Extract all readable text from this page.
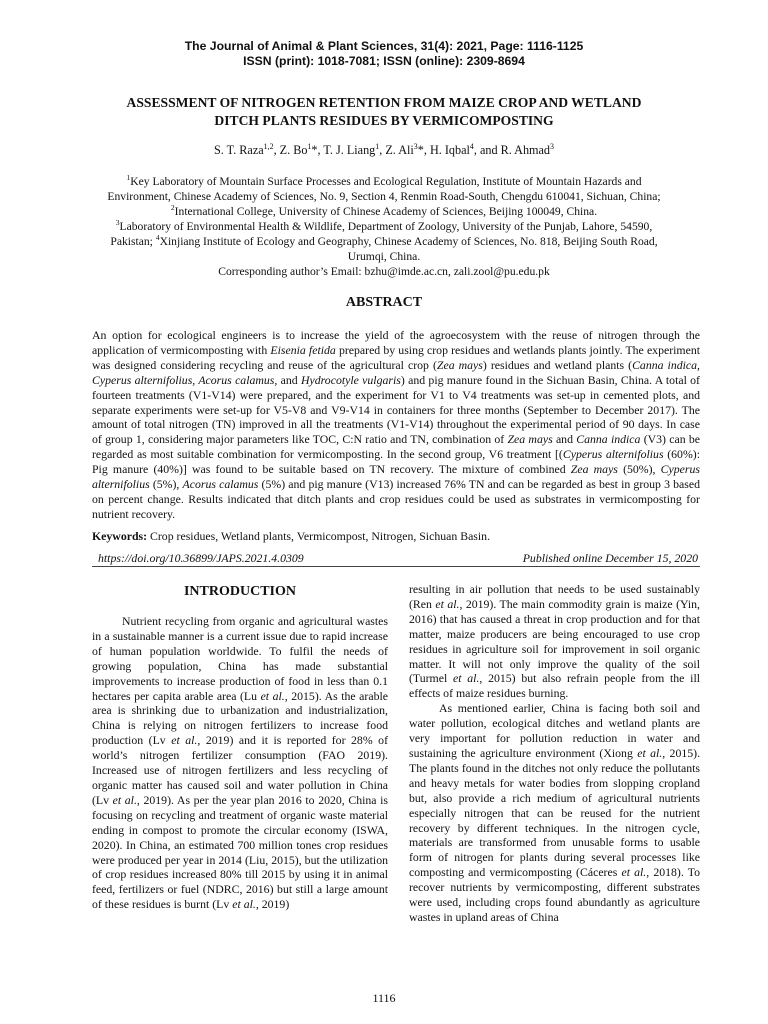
The Journal of Animal & Plant Sciences, 31(4): 2021, Page: 1116-1125
ISSN (print): 1018-7081; ISSN (online): 2309-8694
ASSESSMENT OF NITROGEN RETENTION FROM MAIZE CROP AND WETLAND
DITCH PLANTS RESIDUES BY VERMICOMPOSTING
S. T. Raza$^{1,2}$, Z. Bo$^1$*, T. J. Liang$^1$, Z. Ali$^3$*, H. Iqbal$^4$, and R. Ahmad$^3$
$^1$Key Laboratory of Mountain Surface Processes and Ecological Regulation, Institute of Mountain Hazards and
Environment, Chinese Academy of Sciences, No. 9, Section 4, Renmin Road-South, Chengdu 610041, Sichuan, China;
$^2$International College, University of Chinese Academy of Sciences, Beijing 100049, China.
$^3$Laboratory of Environmental Health & Wildlife, Department of Zoology, University of the Punjab, Lahore, 54590,
Pakistan; $^4$Xinjiang Institute of Ecology and Geography, Chinese Academy of Sciences, No. 818, Beijing South Road,
Urumqi, China.
Corresponding author’s Email: bzhu@imde.ac.cn, zali.zool@pu.edu.pk
ABSTRACT
An option for ecological engineers is to increase the yield of the agroecosystem with the reuse of nitrogen through the application of vermicomposting with Eisenia fetida prepared by using crop residues and wetlands plants jointly. The experiment was designed considering recycling and reuse of the agricultural crop (Zea mays) residues and wetland plants (Canna indica, Cyperus alternifolius, Acorus calamus, and Hydrocotyle vulgaris) and pig manure found in the Sichuan Basin, China. A total of fourteen treatments (V1-V14) were prepared, and the experiment for V1 to V4 treatments was set-up in cemented plots, and separate experiments were set-up for V5-V8 and V9-V14 in containers for three months (September to December 2017). The amount of total nitrogen (TN) improved in all the treatments (V1-V14) throughout the experimental period of 90 days. In case of group 1, considering major parameters like TOC, C:N ratio and TN, combination of Zea mays and Canna indica (V3) can be regarded as most suitable combination for vermicomposting. In the second group, V6 treatment [(Cyperus alternifolius (60%): Pig manure (40%)] was found to be suitable based on TN recovery. The mixture of combined Zea mays (50%), Cyperus alternifolius (5%), Acorus calamus (5%) and pig manure (V13) increased 76% TN and can be regarded as best in group 3 based on percent change. Results indicated that ditch plants and crop residues could be used as substrates in vermicomposting for nutrient recovery.
Keywords: Crop residues, Wetland plants, Vermicompost, Nitrogen, Sichuan Basin.
https://doi.org/10.36899/JAPS.2021.4.0309	Published online December 15, 2020
INTRODUCTION

Nutrient recycling from organic and agricultural wastes in a sustainable manner is a current issue due to rapid increase of human population worldwide. To fulfil the needs of growing population, China has made substantial improvements to increase production of food in less than 0.1 hectares per capita arable area (Lu et al., 2015). As the arable area is shrinking due to urbanization and industrialization, China is relying on nitrogen fertilizers to increase food production (Lv et al., 2019) and it is reported for 28% of world’s nitrogen fertilizer consumption (FAO 2019). Increased use of nitrogen fertilizers and less recycling of organic matter has caused soil and water pollution in China (Lv et al., 2019). As per the year plan 2016 to 2020, China is focusing on recycling and treatment of organic waste material ending in compost to promote the circular economy (ISWA, 2020). In China, an estimated 700 million tones crop residues were produced per year in 2014 (Liu, 2015), but the utilization of crop residues increased 80% till 2015 by using it in animal feed, fertilizers or fuel (NDRC, 2016) but still a large amount of these residues is burnt (Lv et al., 2019)

resulting in air pollution that needs to be used sustainably (Ren et al., 2019). The main commodity grain is maize (Yin, 2016) that has caused a threat in crop production and for that matter, maize producers are being encouraged to use crop residues in agriculture soil for improvement in soil organic matter. It will not only improve the quality of the soil (Turmel et al., 2015) but also refrain people from the ill effects of maize residues burning.

As mentioned earlier, China is facing both soil and water pollution, ecological ditches and wetland plants are very important for pollution reduction in water and sustaining the agriculture environment (Xiong et al., 2015). The plants found in the ditches not only reduce the pollutants and heavy metals for water bodies from slopping cropland but, also provide a rich medium of agricultural nutrients especially nitrogen that can be reused for the nutrient recovery by different techniques. In the nitrogen cycle, materials are transformed from unusable forms to usable form of nitrogen for plants during several processes like composting and vermicomposting (Cáceres et al., 2018). To recover nutrients by vermicomposting, different substrates were used, including crops found abundantly as agriculture wastes in upland areas of China

1116
